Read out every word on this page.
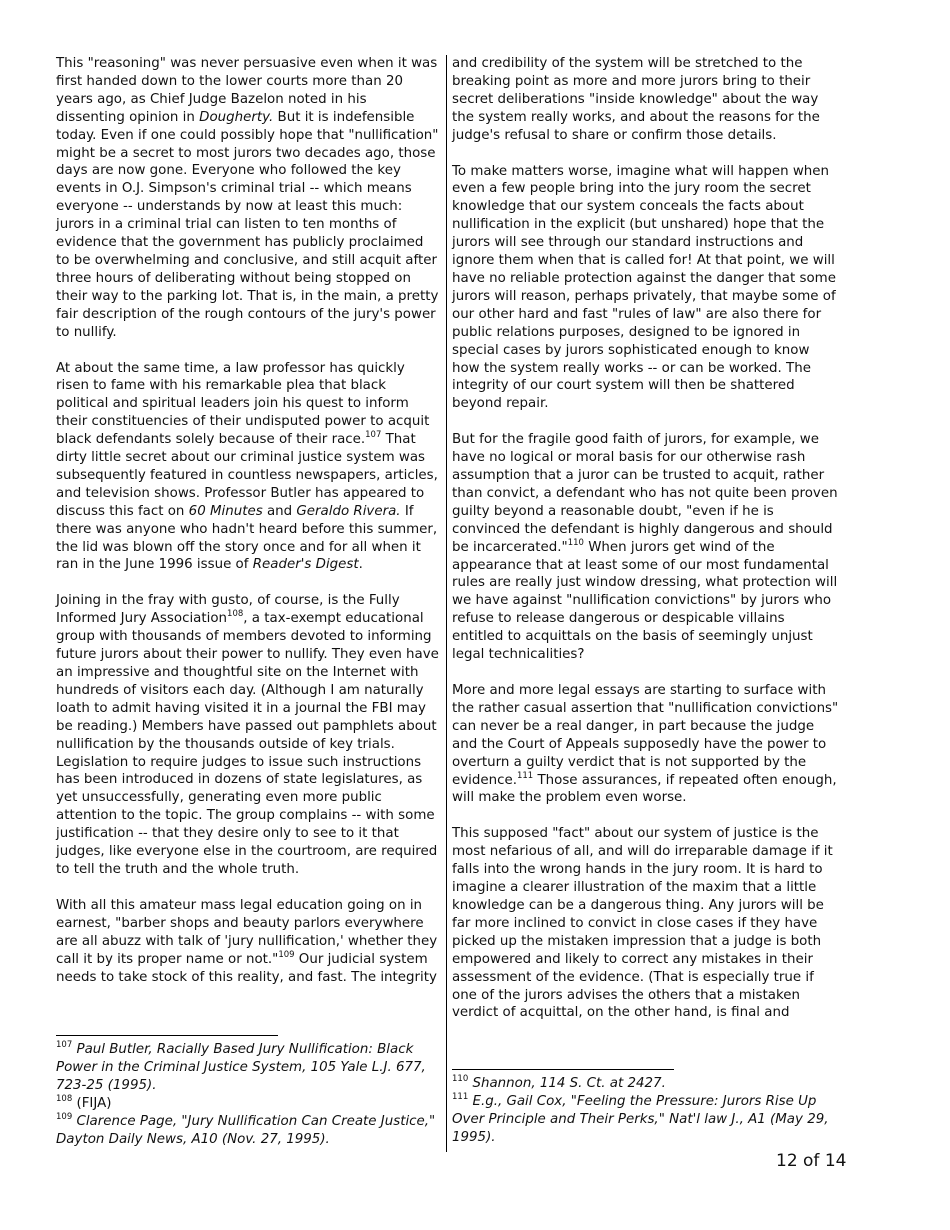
This "reasoning" was never persuasive even when it was first handed down to the lower courts more than 20 years ago, as Chief Judge Bazelon noted in his dissenting opinion in Dougherty. But it is indefensible today. Even if one could possibly hope that "nullification" might be a secret to most jurors two decades ago, those days are now gone. Everyone who followed the key events in O.J. Simpson's criminal trial -- which means everyone -- understands by now at least this much: jurors in a criminal trial can listen to ten months of evidence that the government has publicly proclaimed to be overwhelming and conclusive, and still acquit after three hours of deliberating without being stopped on their way to the parking lot. That is, in the main, a pretty fair description of the rough contours of the jury's power to nullify.

At about the same time, a law professor has quickly risen to fame with his remarkable plea that black political and spiritual leaders join his quest to inform their constituencies of their undisputed power to acquit black defendants solely because of their race.$^{107}$ That dirty little secret about our criminal justice system was subsequently featured in countless newspapers, articles, and television shows. Professor Butler has appeared to discuss this fact on 60 Minutes and Geraldo Rivera. If there was anyone who hadn't heard before this summer, the lid was blown off the story once and for all when it ran in the June 1996 issue of Reader's Digest.

Joining in the fray with gusto, of course, is the Fully Informed Jury Association$^{108}$, a tax-exempt educational group with thousands of members devoted to informing future jurors about their power to nullify. They even have an impressive and thoughtful site on the Internet with hundreds of visitors each day. (Although I am naturally loath to admit having visited it in a journal the FBI may be reading.) Members have passed out pamphlets about nullification by the thousands outside of key trials. Legislation to require judges to issue such instructions has been introduced in dozens of state legislatures, as yet unsuccessfully, generating even more public attention to the topic. The group complains -- with some justification -- that they desire only to see to it that judges, like everyone else in the courtroom, are required to tell the truth and the whole truth.

With all this amateur mass legal education going on in earnest, "barber shops and beauty parlors everywhere are all abuzz with talk of 'jury nullification,' whether they call it by its proper name or not."$^{109}$ Our judicial system needs to take stock of this reality, and fast. The integrity

and credibility of the system will be stretched to the breaking point as more and more jurors bring to their secret deliberations "inside knowledge" about the way the system really works, and about the reasons for the judge's refusal to share or confirm those details.

To make matters worse, imagine what will happen when even a few people bring into the jury room the secret knowledge that our system conceals the facts about nullification in the explicit (but unshared) hope that the jurors will see through our standard instructions and ignore them when that is called for! At that point, we will have no reliable protection against the danger that some jurors will reason, perhaps privately, that maybe some of our other hard and fast "rules of law" are also there for public relations purposes, designed to be ignored in special cases by jurors sophisticated enough to know how the system really works -- or can be worked. The integrity of our court system will then be shattered beyond repair.

But for the fragile good faith of jurors, for example, we have no logical or moral basis for our otherwise rash assumption that a juror can be trusted to acquit, rather than convict, a defendant who has not quite been proven guilty beyond a reasonable doubt, "even if he is convinced the defendant is highly dangerous and should be incarcerated."$^{110}$ When jurors get wind of the appearance that at least some of our most fundamental rules are really just window dressing, what protection will we have against "nullification convictions" by jurors who refuse to release dangerous or despicable villains entitled to acquittals on the basis of seemingly unjust legal technicalities?

More and more legal essays are starting to surface with the rather casual assertion that "nullification convictions" can never be a real danger, in part because the judge and the Court of Appeals supposedly have the power to overturn a guilty verdict that is not supported by the evidence.$^{111}$ Those assurances, if repeated often enough, will make the problem even worse.

This supposed "fact" about our system of justice is the most nefarious of all, and will do irreparable damage if it falls into the wrong hands in the jury room. It is hard to imagine a clearer illustration of the maxim that a little knowledge can be a dangerous thing. Any jurors will be far more inclined to convict in close cases if they have picked up the mistaken impression that a judge is both empowered and likely to correct any mistakes in their assessment of the evidence. (That is especially true if one of the jurors advises the others that a mistaken verdict of acquittal, on the other hand, is final and

$^{107}$ Paul Butler, Racially Based Jury Nullification: Black Power in the Criminal Justice System, 105 Yale L.J. 677, 723-25 (1995).

$^{108}$ (FIJA)

$^{109}$ Clarence Page, "Jury Nullification Can Create Justice," Dayton Daily News, A10 (Nov. 27, 1995).

$^{110}$ Shannon, 114 S. Ct. at 2427.

$^{111}$ E.g., Gail Cox, "Feeling the Pressure: Jurors Rise Up Over Principle and Their Perks," Nat'l law J., A1 (May 29, 1995).

12 of 14
